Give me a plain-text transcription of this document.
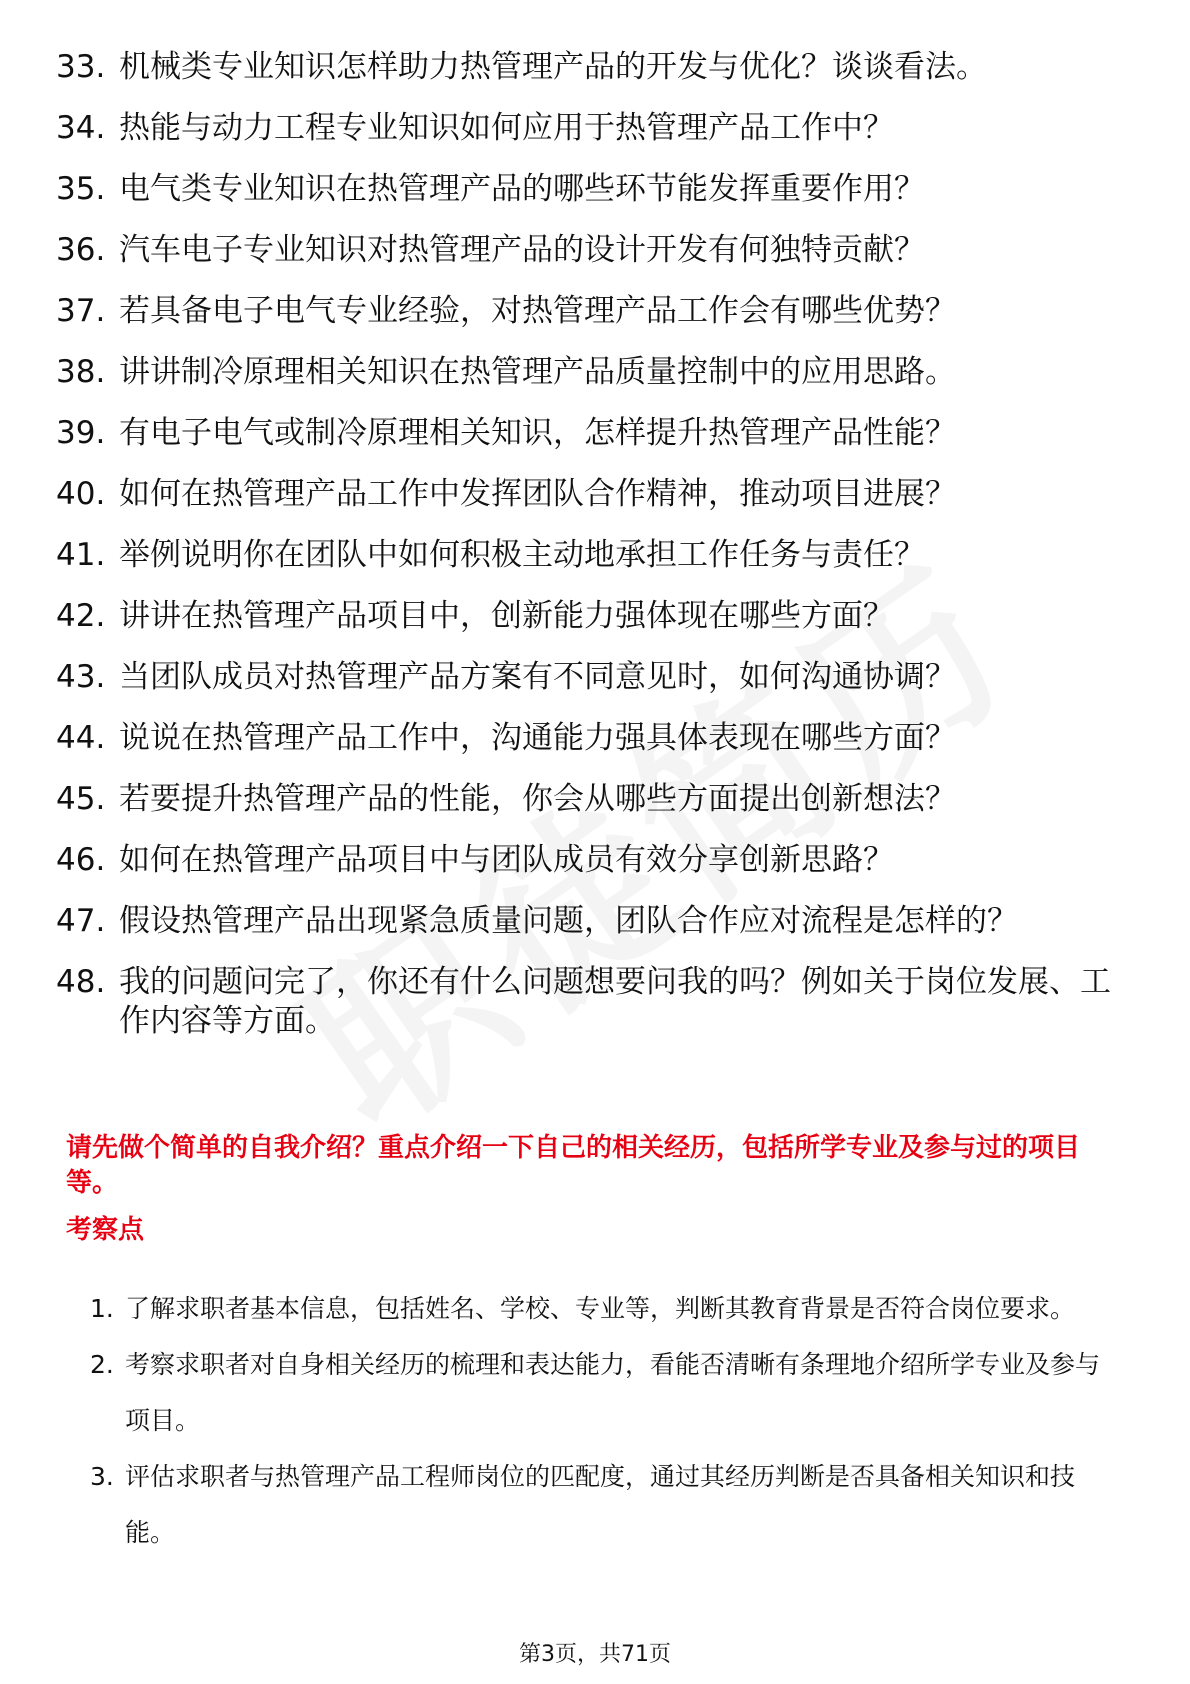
33. 机械类专业知识怎样助力热管理产品的开发与优化？谈谈看法。
34. 热能与动力工程专业知识如何应用于热管理产品工作中？
35. 电气类专业知识在热管理产品的哪些环节能发挥重要作用？
36. 汽车电子专业知识对热管理产品的设计开发有何独特贡献？
37. 若具备电子电气专业经验，对热管理产品工作会有哪些优势？
38. 讲讲制冷原理相关知识在热管理产品质量控制中的应用思路。
39. 有电子电气或制冷原理相关知识，怎样提升热管理产品性能？
40. 如何在热管理产品工作中发挥团队合作精神，推动项目进展？
41. 举例说明你在团队中如何积极主动地承担工作任务与责任？
42. 讲讲在热管理产品项目中，创新能力强体现在哪些方面？
43. 当团队成员对热管理产品方案有不同意见时，如何沟通协调？
44. 说说在热管理产品工作中，沟通能力强具体表现在哪些方面？
45. 若要提升热管理产品的性能，你会从哪些方面提出创新想法？
46. 如何在热管理产品项目中与团队成员有效分享创新思路？
47. 假设热管理产品出现紧急质量问题，团队合作应对流程是怎样的？
48. 我的问题问完了，你还有什么问题想要问我的吗？例如关于岗位发展、工作内容等方面。

请先做个简单的自我介绍？重点介绍一下自己的相关经历，包括所学专业及参与过的项目等。

考察点

1. 了解求职者基本信息，包括姓名、学校、专业等，判断其教育背景是否符合岗位要求。
2. 考察求职者对自身相关经历的梳理和表达能力，看能否清晰有条理地介绍所学专业及参与项目。
3. 评估求职者与热管理产品工程师岗位的匹配度，通过其经历判断是否具备相关知识和技能。
第3页，共71页
